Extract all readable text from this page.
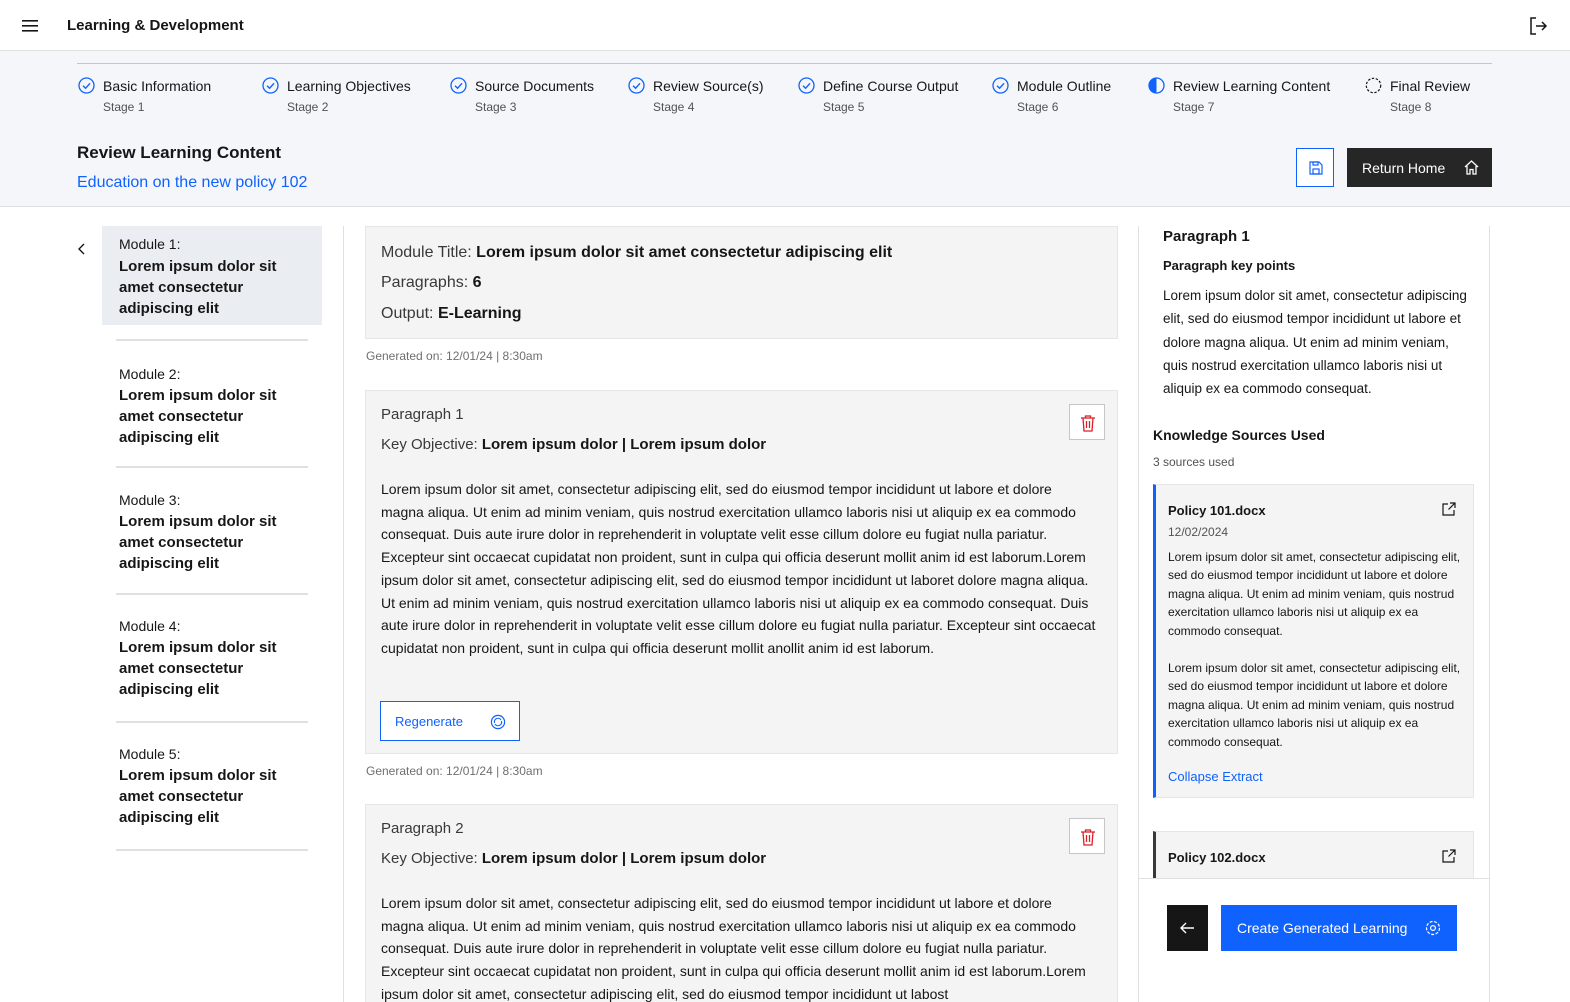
Learning & Development
Basic Information
Stage 1
Learning Objectives
Stage 2
Source Documents
Stage 3
Review Source(s)
Stage 4
Define Course Output
Stage 5
Module Outline
Stage 6
Review Learning Content
Stage 7
Final Review
Stage 8
Review Learning Content
Education on the new policy 102
Return Home
Module 1:
Lorem ipsum dolor sit amet consectetur adipiscing elit
Module 2:
Lorem ipsum dolor sit amet consectetur adipiscing elit
Module 3:
Lorem ipsum dolor sit amet consectetur adipiscing elit
Module 4:
Lorem ipsum dolor sit amet consectetur adipiscing elit
Module 5:
Lorem ipsum dolor sit amet consectetur adipiscing elit
Module Title: Lorem ipsum dolor sit amet consectetur adipiscing elit
Paragraphs: 6
Output: E-Learning
Generated on: 12/01/24 | 8:30am
Paragraph 1
Key Objective: Lorem ipsum dolor | Lorem ipsum dolor
Lorem ipsum dolor sit amet, consectetur adipiscing elit, sed do eiusmod tempor incididunt ut labore et dolore magna aliqua. Ut enim ad minim veniam, quis nostrud exercitation ullamco laboris nisi ut aliquip ex ea commodo consequat. Duis aute irure dolor in reprehenderit in voluptate velit esse cillum dolore eu fugiat nulla pariatur. Excepteur sint occaecat cupidatat non proident, sunt in culpa qui officia deserunt mollit anim id est laborum.Lorem ipsum dolor sit amet, consectetur adipiscing elit, sed do eiusmod tempor incididunt ut laboret dolore magna aliqua. Ut enim ad minim veniam, quis nostrud exercitation ullamco laboris nisi ut aliquip ex ea commodo consequat. Duis aute irure dolor in reprehenderit in voluptate velit esse cillum dolore eu fugiat nulla pariatur. Excepteur sint occaecat cupidatat non proident, sunt in culpa qui officia deserunt mollit anollit anim id est laborum.
Regenerate
Generated on: 12/01/24 | 8:30am
Paragraph 2
Key Objective: Lorem ipsum dolor | Lorem ipsum dolor
Lorem ipsum dolor sit amet, consectetur adipiscing elit, sed do eiusmod tempor incididunt ut labore et dolore magna aliqua. Ut enim ad minim veniam, quis nostrud exercitation ullamco laboris nisi ut aliquip ex ea commodo consequat. Duis aute irure dolor in reprehenderit in voluptate velit esse cillum dolore eu fugiat nulla pariatur. Excepteur sint occaecat cupidatat non proident, sunt in culpa qui officia deserunt mollit anim id est laborum.Lorem ipsum dolor sit amet, consectetur adipiscing elit, sed do eiusmod tempor incididunt ut labost
Paragraph 1
Paragraph key points
Lorem ipsum dolor sit amet, consectetur adipiscing elit, sed do eiusmod tempor incididunt ut labore et dolore magna aliqua. Ut enim ad minim veniam, quis nostrud exercitation ullamco laboris nisi ut aliquip ex ea commodo consequat.
Knowledge Sources Used
3 sources used
Policy 101.docx
12/02/2024
Lorem ipsum dolor sit amet, consectetur adipiscing elit, sed do eiusmod tempor incididunt ut labore et dolore magna aliqua. Ut enim ad minim veniam, quis nostrud exercitation ullamco laboris nisi ut aliquip ex ea commodo consequat.
Lorem ipsum dolor sit amet, consectetur adipiscing elit, sed do eiusmod tempor incididunt ut labore et dolore magna aliqua. Ut enim ad minim veniam, quis nostrud exercitation ullamco laboris nisi ut aliquip ex ea commodo consequat.
Collapse Extract
Policy 102.docx
Create Generated Learning
